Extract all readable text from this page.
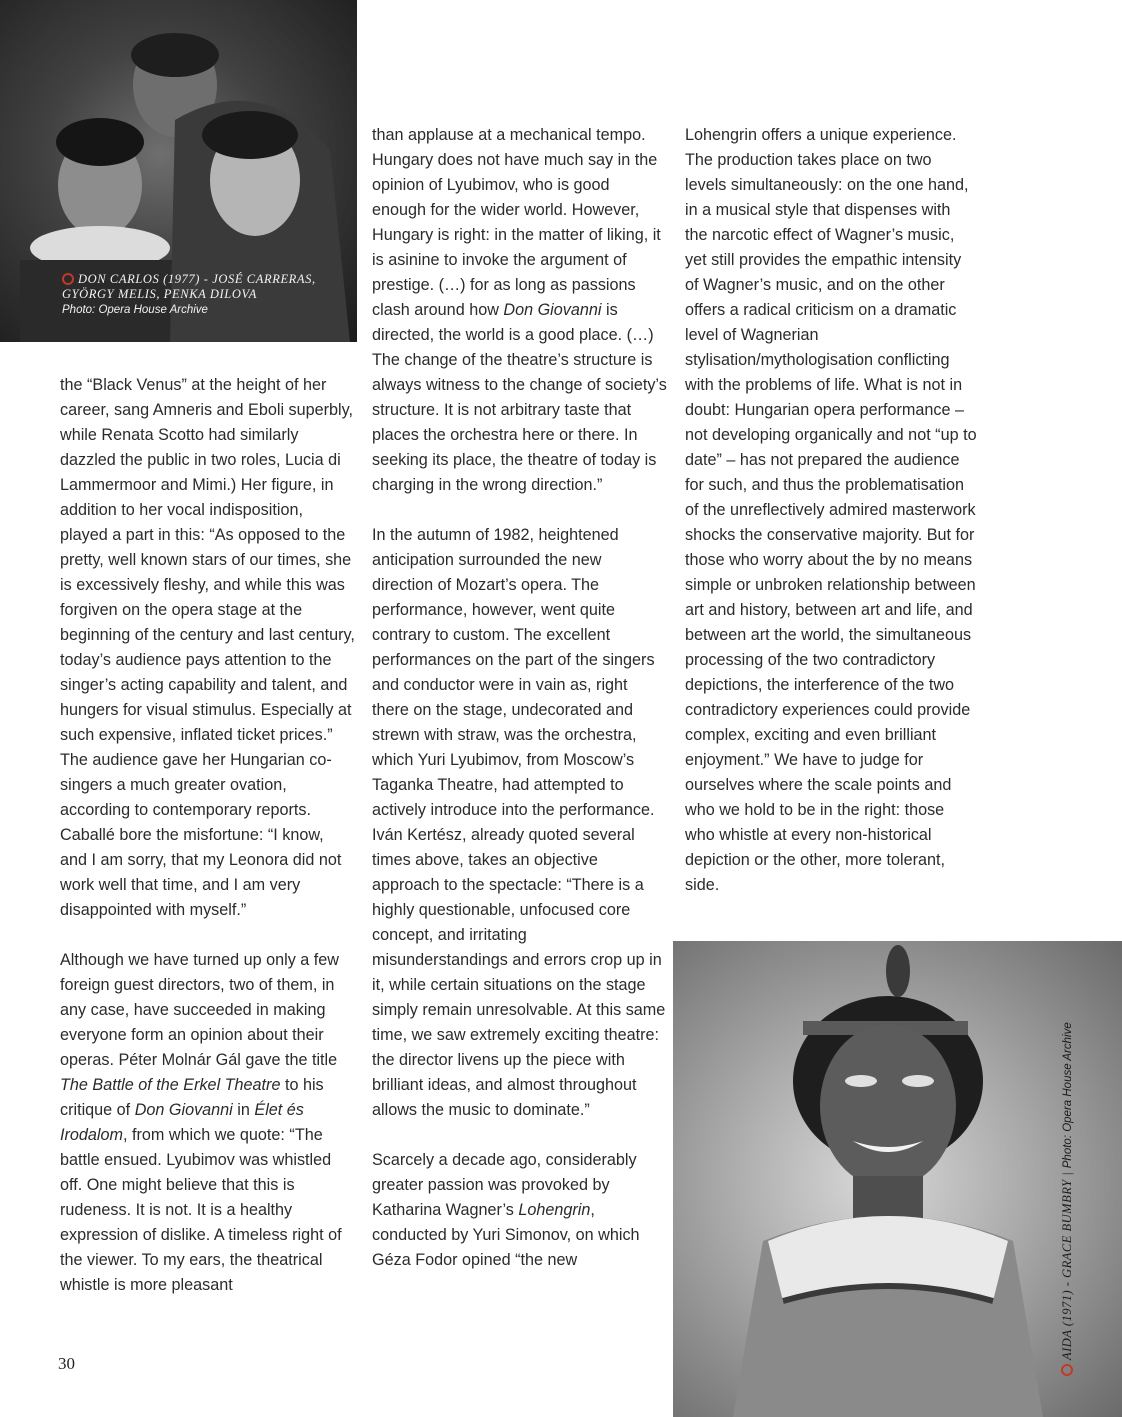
DON CARLOS (1977) - JOSÉ CARRERAS, GYÖRGY MELIS, PENKA DILOVA
Photo: Opera House Archive

the “Black Venus” at the height of her career, sang Amneris and Eboli superbly, while Renata Scotto had similarly dazzled the public in two roles, Lucia di Lammermoor and Mimi.) Her figure, in addition to her vocal indisposition, played a part in this: “As opposed to the pretty, well known stars of our times, she is excessively fleshy, and while this was forgiven on the opera stage at the beginning of the century and last century, today’s audience pays attention to the singer’s acting capability and talent, and hungers for visual stimulus. Especially at such expensive, inflated ticket prices.” The audience gave her Hungarian co-singers a much greater ovation, according to contemporary reports. Caballé bore the misfortune: “I know, and I am sorry, that my Leonora did not work well that time, and I am very disappointed with myself.”

Although we have turned up only a few foreign guest directors, two of them, in any case, have succeeded in making everyone form an opinion about their operas. Péter Molnár Gál gave the title The Battle of the Erkel Theatre to his critique of Don Giovanni in Élet és Irodalom, from which we quote: “The battle ensued. Lyubimov was whistled off. One might believe that this is rudeness. It is not. It is a healthy expression of dislike. A timeless right of the viewer. To my ears, the theatrical whistle is more pleasant

than applause at a mechanical tempo. Hungary does not have much say in the opinion of Lyubimov, who is good enough for the wider world. However, Hungary is right: in the matter of liking, it is asinine to invoke the argument of prestige. (…) for as long as passions clash around how Don Giovanni is directed, the world is a good place. (…) The change of the theatre’s structure is always witness to the change of society’s structure. It is not arbitrary taste that places the orchestra here or there. In seeking its place, the theatre of today is charging in the wrong direction.”

In the autumn of 1982, heightened anticipation surrounded the new direction of Mozart’s opera. The performance, however, went quite contrary to custom. The excellent performances on the part of the singers and conductor were in vain as, right there on the stage, undecorated and strewn with straw, was the orchestra, which Yuri Lyubimov, from Moscow’s Taganka Theatre, had attempted to actively introduce into the performance. Iván Kertész, already quoted several times above, takes an objective approach to the spectacle: “There is a highly questionable, unfocused core concept, and irritating misunderstandings and errors crop up in it, while certain situations on the stage simply remain unresolvable. At this same time, we saw extremely exciting theatre: the director livens up the piece with brilliant ideas, and almost throughout allows the music to dominate.”

Scarcely a decade ago, considerably greater passion was provoked by Katharina Wagner’s Lohengrin, conducted by Yuri Simonov, on which Géza Fodor opined “the new

Lohengrin offers a unique experience. The production takes place on two levels simultaneously: on the one hand, in a musical style that dispenses with the narcotic effect of Wagner’s music, yet still provides the empathic intensity of Wagner’s music, and on the other offers a radical criticism on a dramatic level of Wagnerian stylisation/mythologisation conflicting with the problems of life. What is not in doubt: Hungarian opera performance – not developing organically and not “up to date” – has not prepared the audience for such, and thus the problematisation of the unreflectively admired masterwork shocks the conservative majority. But for those who worry about the by no means simple or unbroken relationship between art and history, between art and life, and between art the world, the simultaneous processing of the two contradictory depictions, the interference of the two contradictory experiences could provide complex, exciting and even brilliant enjoyment.” We have to judge for ourselves where the scale points and who we hold to be in the right: those who whistle at every non-historical depiction or the other, more tolerant, side.

AIDA (1971) - GRACE BUMBRY | Photo: Opera House Archive
30
